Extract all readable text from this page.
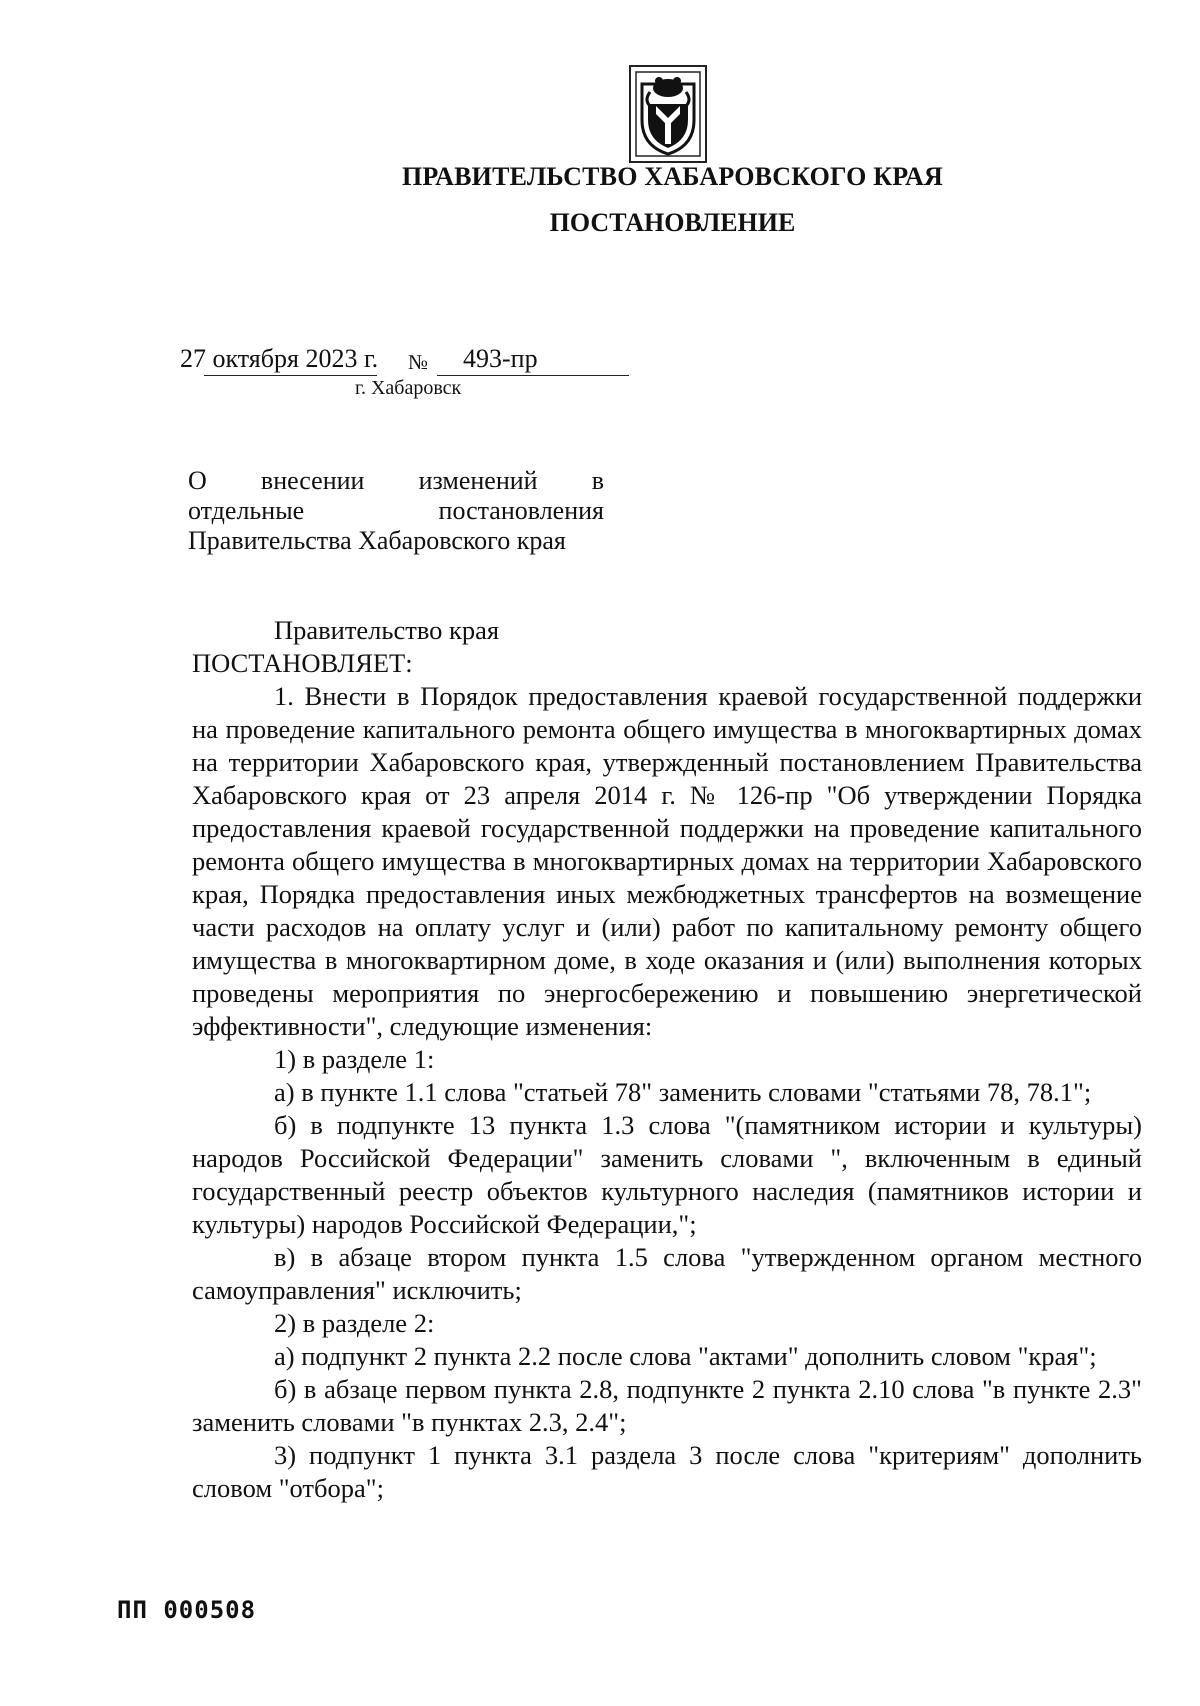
ПРАВИТЕЛЬСТВО ХАБАРОВСКОГО КРАЯ
ПОСТАНОВЛЕНИЕ
27 октября 2023 г. № 493-пр
г. Хабаровск
О внесении изменений в
отдельные постановления
Правительства Хабаровского края

Правительство края

ПОСТАНОВЛЯЕТ:

1. Внести в Порядок предоставления краевой государственной поддержки на проведение капитального ремонта общего имущества в многоквартирных домах на территории Хабаровского края, утвержденный постановлением Правительства Хабаровского края от 23 апреля 2014 г. № 126-пр "Об утверждении Порядка предоставления краевой государственной поддержки на проведение капитального ремонта общего имущества в многоквартирных домах на территории Хабаровского края, Порядка предоставления иных межбюджетных трансфертов на возмещение части расходов на оплату услуг и (или) работ по капитальному ремонту общего имущества в многоквартирном доме, в ходе оказания и (или) выполнения которых проведены мероприятия по энергосбережению и повышению энергетической эффективности", следующие изменения:

1) в разделе 1:

а) в пункте 1.1 слова "статьей 78" заменить словами "статьями 78, 78.1";

б) в подпункте 13 пункта 1.3 слова "(памятником истории и культуры) народов Российской Федерации" заменить словами ", включенным в единый государственный реестр объектов культурного наследия (памятников истории и культуры) народов Российской Федерации,";

в) в абзаце втором пункта 1.5 слова "утвержденном органом местного самоуправления" исключить;

2) в разделе 2:

а) подпункт 2 пункта 2.2 после слова "актами" дополнить словом "края";

б) в абзаце первом пункта 2.8, подпункте 2 пункта 2.10 слова "в пункте 2.3" заменить словами "в пунктах 2.3, 2.4";

3) подпункт 1 пункта 3.1 раздела 3 после слова "критериям" дополнить словом "отбора";

ПП 000508
